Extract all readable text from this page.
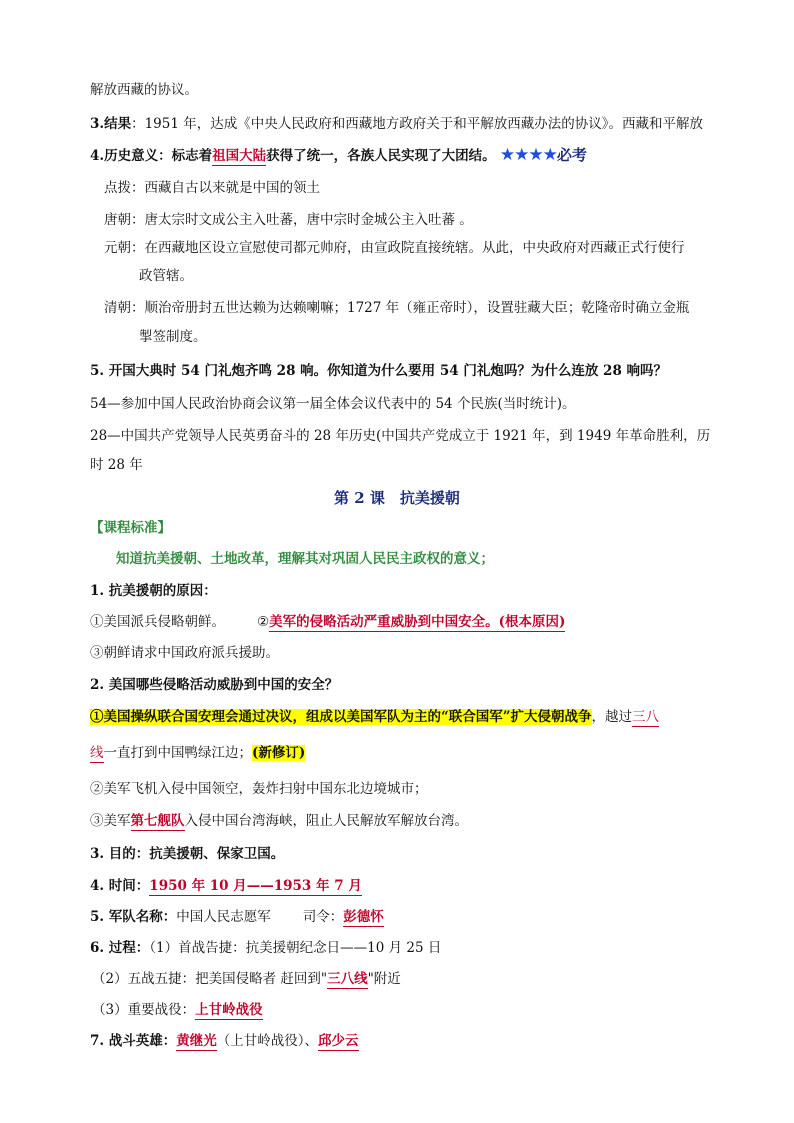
解放西藏的协议。
3.结果：1951 年，达成《中央人民政府和西藏地方政府关于和平解放西藏办法的协议》。西藏和平解放
4.历史意义：标志着祖国大陆获得了统一，各族人民实现了大团结。 ★★★★必考
点拨：西藏自古以来就是中国的领土
唐朝：唐太宗时文成公主入吐蕃，唐中宗时金城公主入吐蕃 。
元朝：在西藏地区设立宣慰使司都元帅府，由宣政院直接统辖。从此，中央政府对西藏正式行使行
政管辖。
清朝：顺治帝册封五世达赖为达赖喇嘛；1727 年（雍正帝时），设置驻藏大臣；乾隆帝时确立金瓶
掣签制度。
5. 开国大典时 54 门礼炮齐鸣 28 响。你知道为什么要用 54 门礼炮吗？为什么连放 28 响吗？
54—参加中国人民政治协商会议第一届全体会议代表中的 54 个民族(当时统计)。
28—中国共产党领导人民英勇奋斗的 28 年历史(中国共产党成立于 1921 年，到 1949 年革命胜利，历
时 28 年
第 2 课　抗美援朝
【课程标准】
知道抗美援朝、土地改革，理解其对巩固人民民主政权的意义；
1. 抗美援朝的原因：
①美国派兵侵略朝鲜。 ②美军的侵略活动严重威胁到中国安全。(根本原因)
③朝鲜请求中国政府派兵援助。
2. 美国哪些侵略活动威胁到中国的安全？
①美国操纵联合国安理会通过决议，组成以美国军队为主的“联合国军”扩大侵朝战争，越过三八
线一直打到中国鸭绿江边；(新修订)
②美军飞机入侵中国领空，轰炸扫射中国东北边境城市；
③美军第七舰队入侵中国台湾海峡，阻止人民解放军解放台湾。
3. 目的：抗美援朝、保家卫国。
4. 时间：1950 年 10 月——1953 年 7 月
5. 军队名称：中国人民志愿军 司令：彭德怀
6. 过程：（1）首战告捷：抗美援朝纪念日——10 月 25 日
（2）五战五捷：把美国侵略者 赶回到"三八线"附近
（3）重要战役：上甘岭战役
7. 战斗英雄：黄继光（上甘岭战役）、邱少云
